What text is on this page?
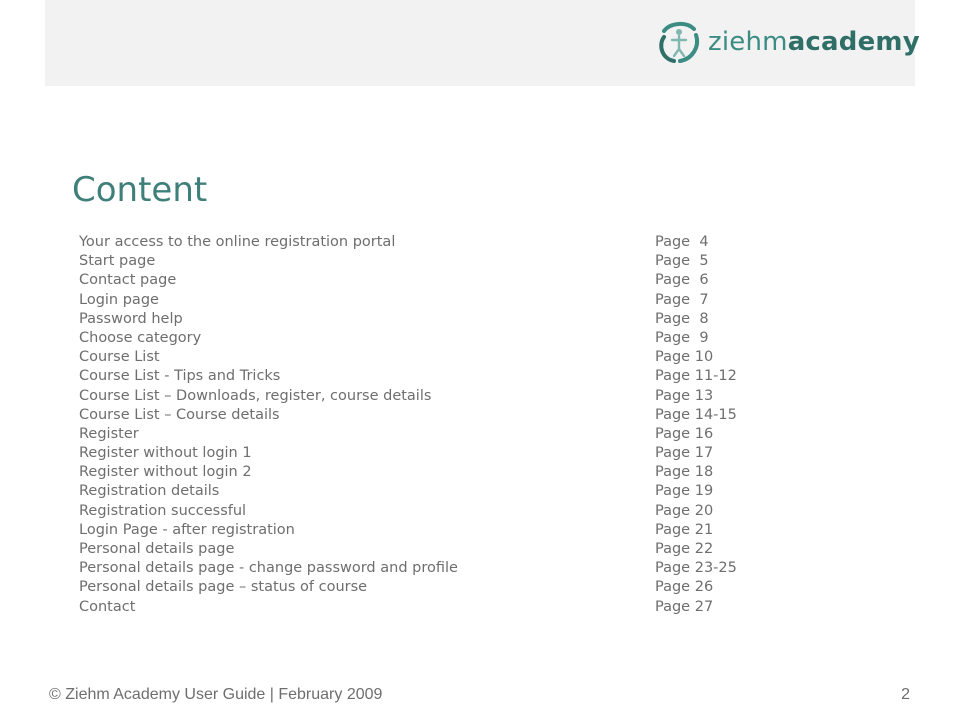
ziehmacademy
Content
Your access to the online registration portal	Page  4
Start page	Page  5
Contact page	Page  6
Login page	Page  7
Password help	Page  8
Choose category	Page  9
Course List	Page 10
Course List - Tips and Tricks	Page 11-12
Course List – Downloads, register, course details	Page 13
Course List – Course details	Page 14-15
Register	Page 16
Register without login 1	Page 17
Register without login 2	Page 18
Registration details	Page 19
Registration successful	Page 20
Login Page - after registration	Page 21
Personal details page	Page 22
Personal details page - change password and profile	Page 23-25
Personal details page – status of course	Page 26
Contact	Page 27
© Ziehm Academy User Guide | February 2009	2
